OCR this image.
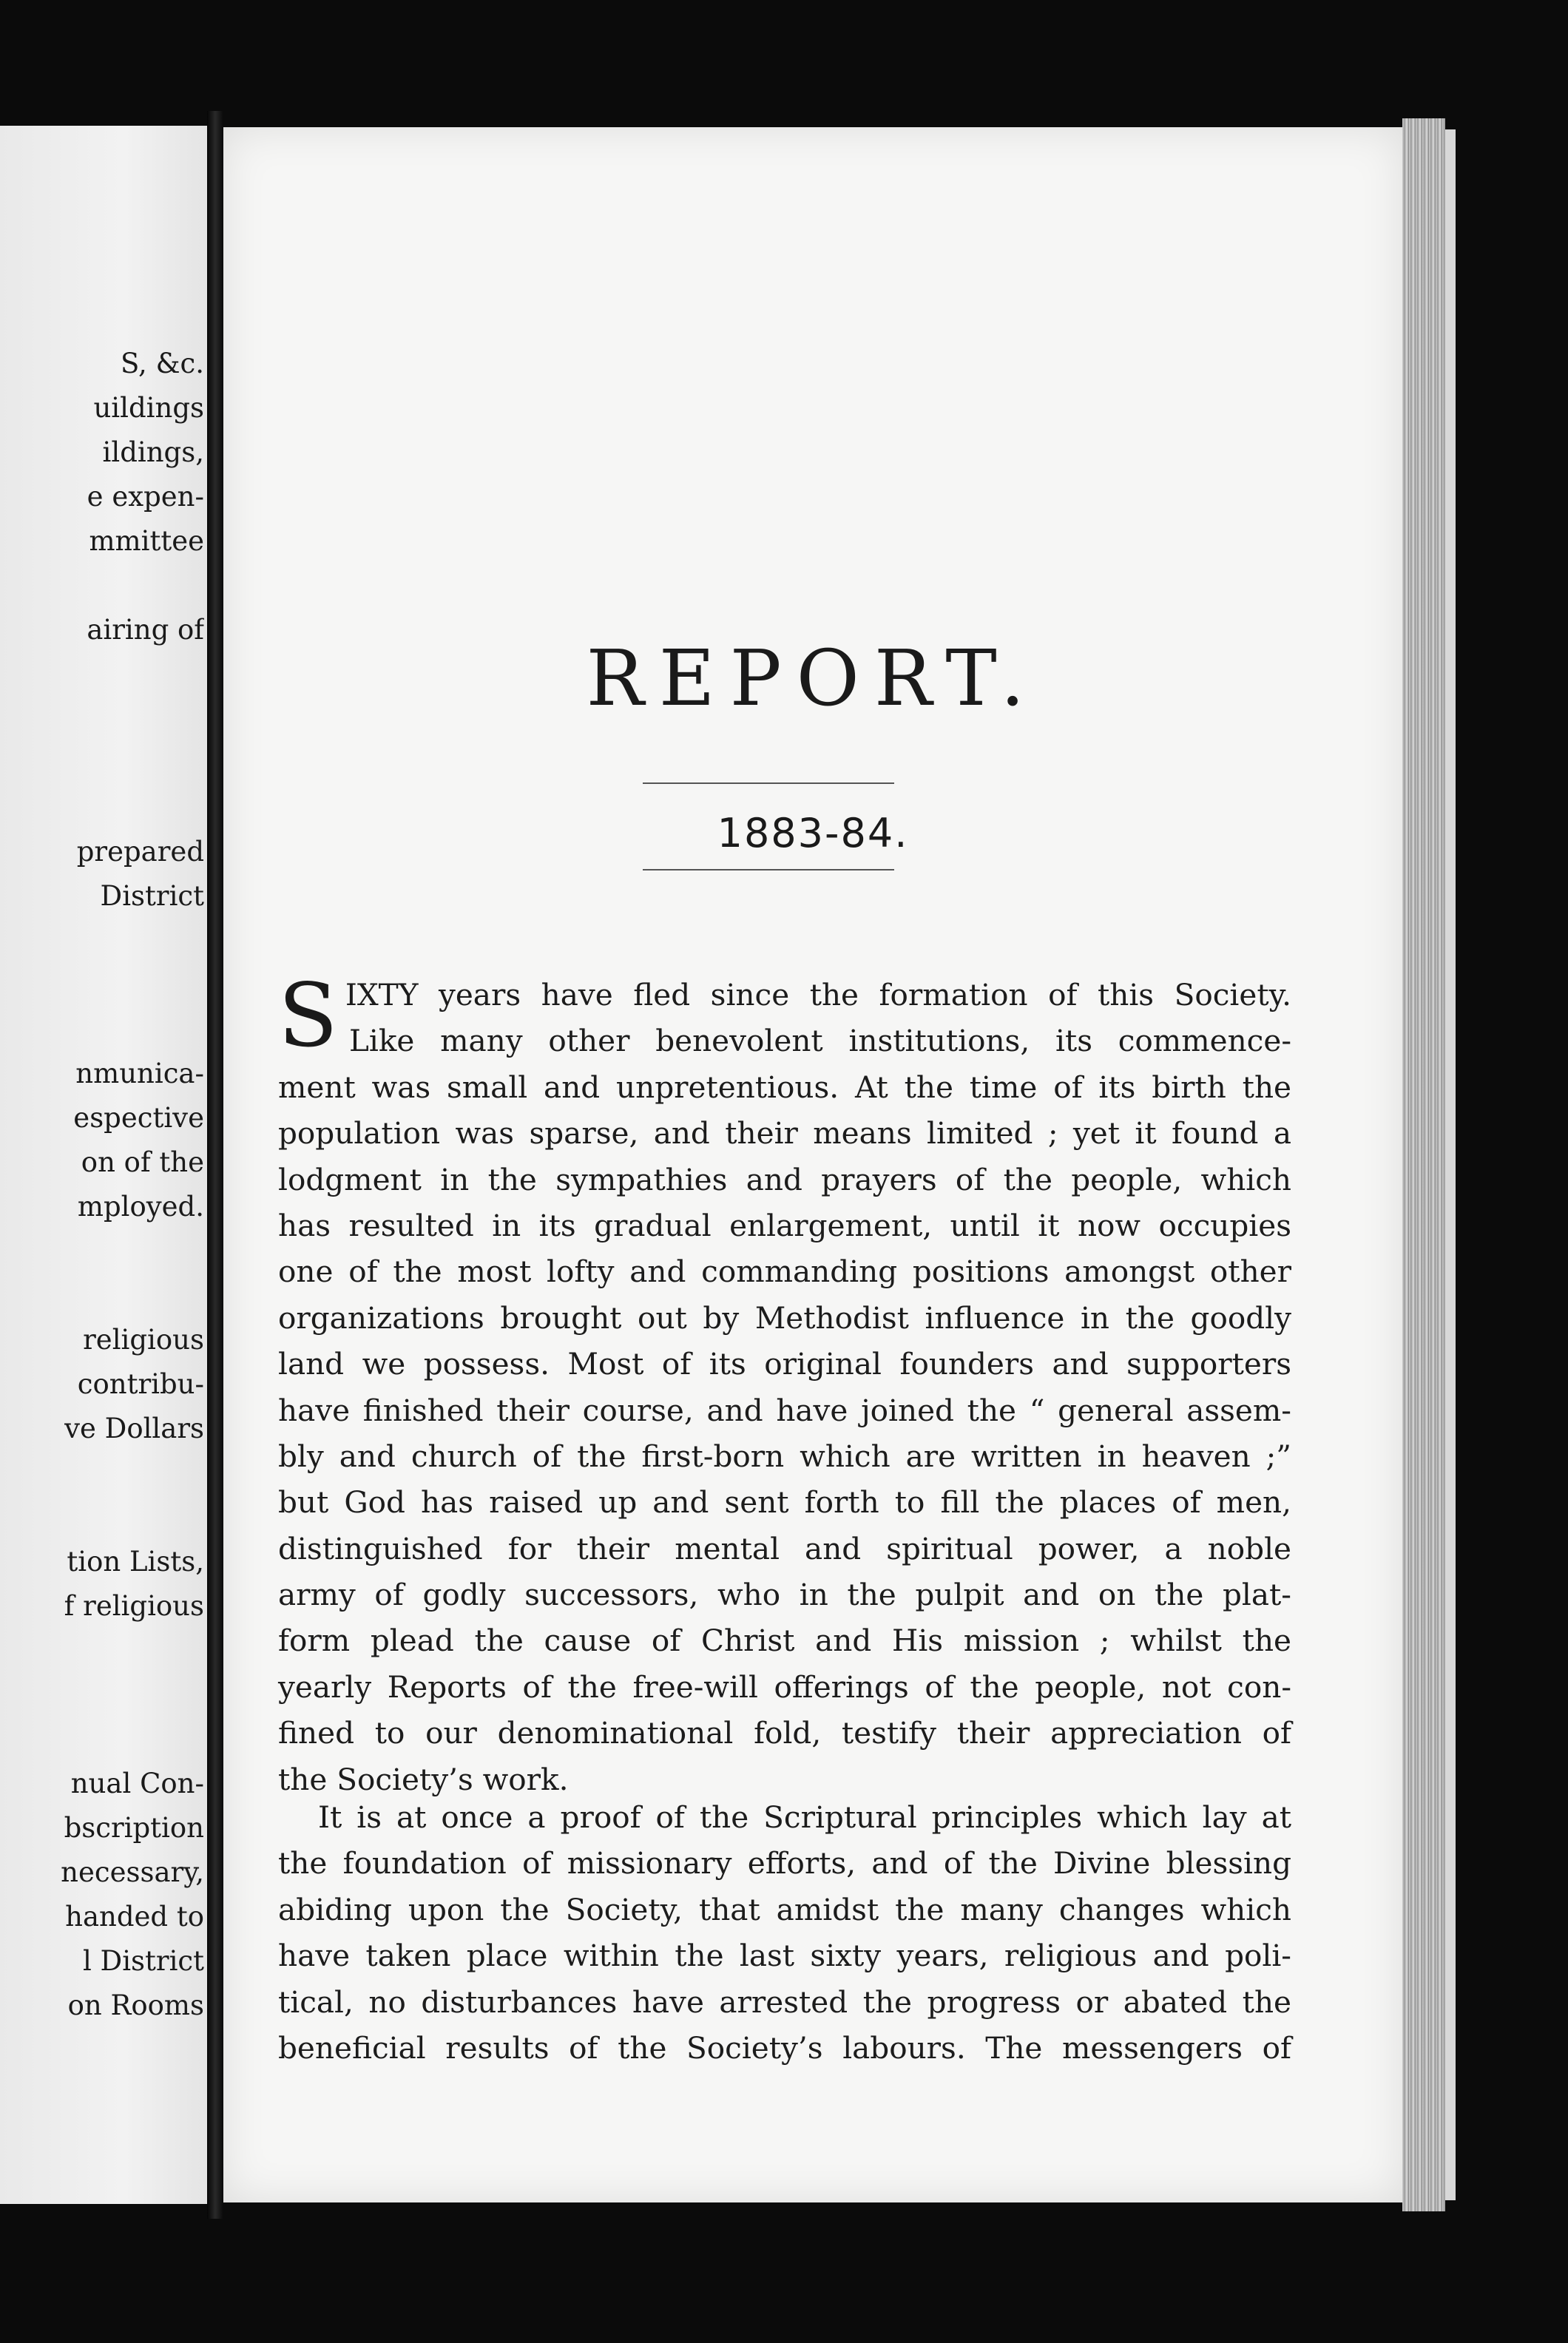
S, &c.
uildings
ildings,
e expen-
mmittee
airing of
prepared
District
nmunica-
espective
on of the
mployed.
religious
contribu-
ve Dollars
tion Lists,
f religious
nual Con-
bscription
necessary,
handed to
l District
on Rooms
REPORT.
1883-84.
S IXTY years have fled since the formation of this Society.
Like many other benevolent institutions, its commence-
ment was small and unpretentious. At the time of its birth the
population was sparse, and their means limited ; yet it found a
lodgment in the sympathies and prayers of the people, which
has resulted in its gradual enlargement, until it now occupies
one of the most lofty and commanding positions amongst other
organizations brought out by Methodist influence in the goodly
land we possess. Most of its original founders and supporters
have finished their course, and have joined the “ general assem-
bly and church of the first-born which are written in heaven ;”
but God has raised up and sent forth to fill the places of men,
distinguished for their mental and spiritual power, a noble
army of godly successors, who in the pulpit and on the plat-
form plead the cause of Christ and His mission ; whilst the
yearly Reports of the free-will offerings of the people, not con-
fined to our denominational fold, testify their appreciation of
the Society’s work.
It is at once a proof of the Scriptural principles which lay at
the foundation of missionary efforts, and of the Divine blessing
abiding upon the Society, that amidst the many changes which
have taken place within the last sixty years, religious and poli-
tical, no disturbances have arrested the progress or abated the
beneficial results of the Society’s labours. The messengers of
